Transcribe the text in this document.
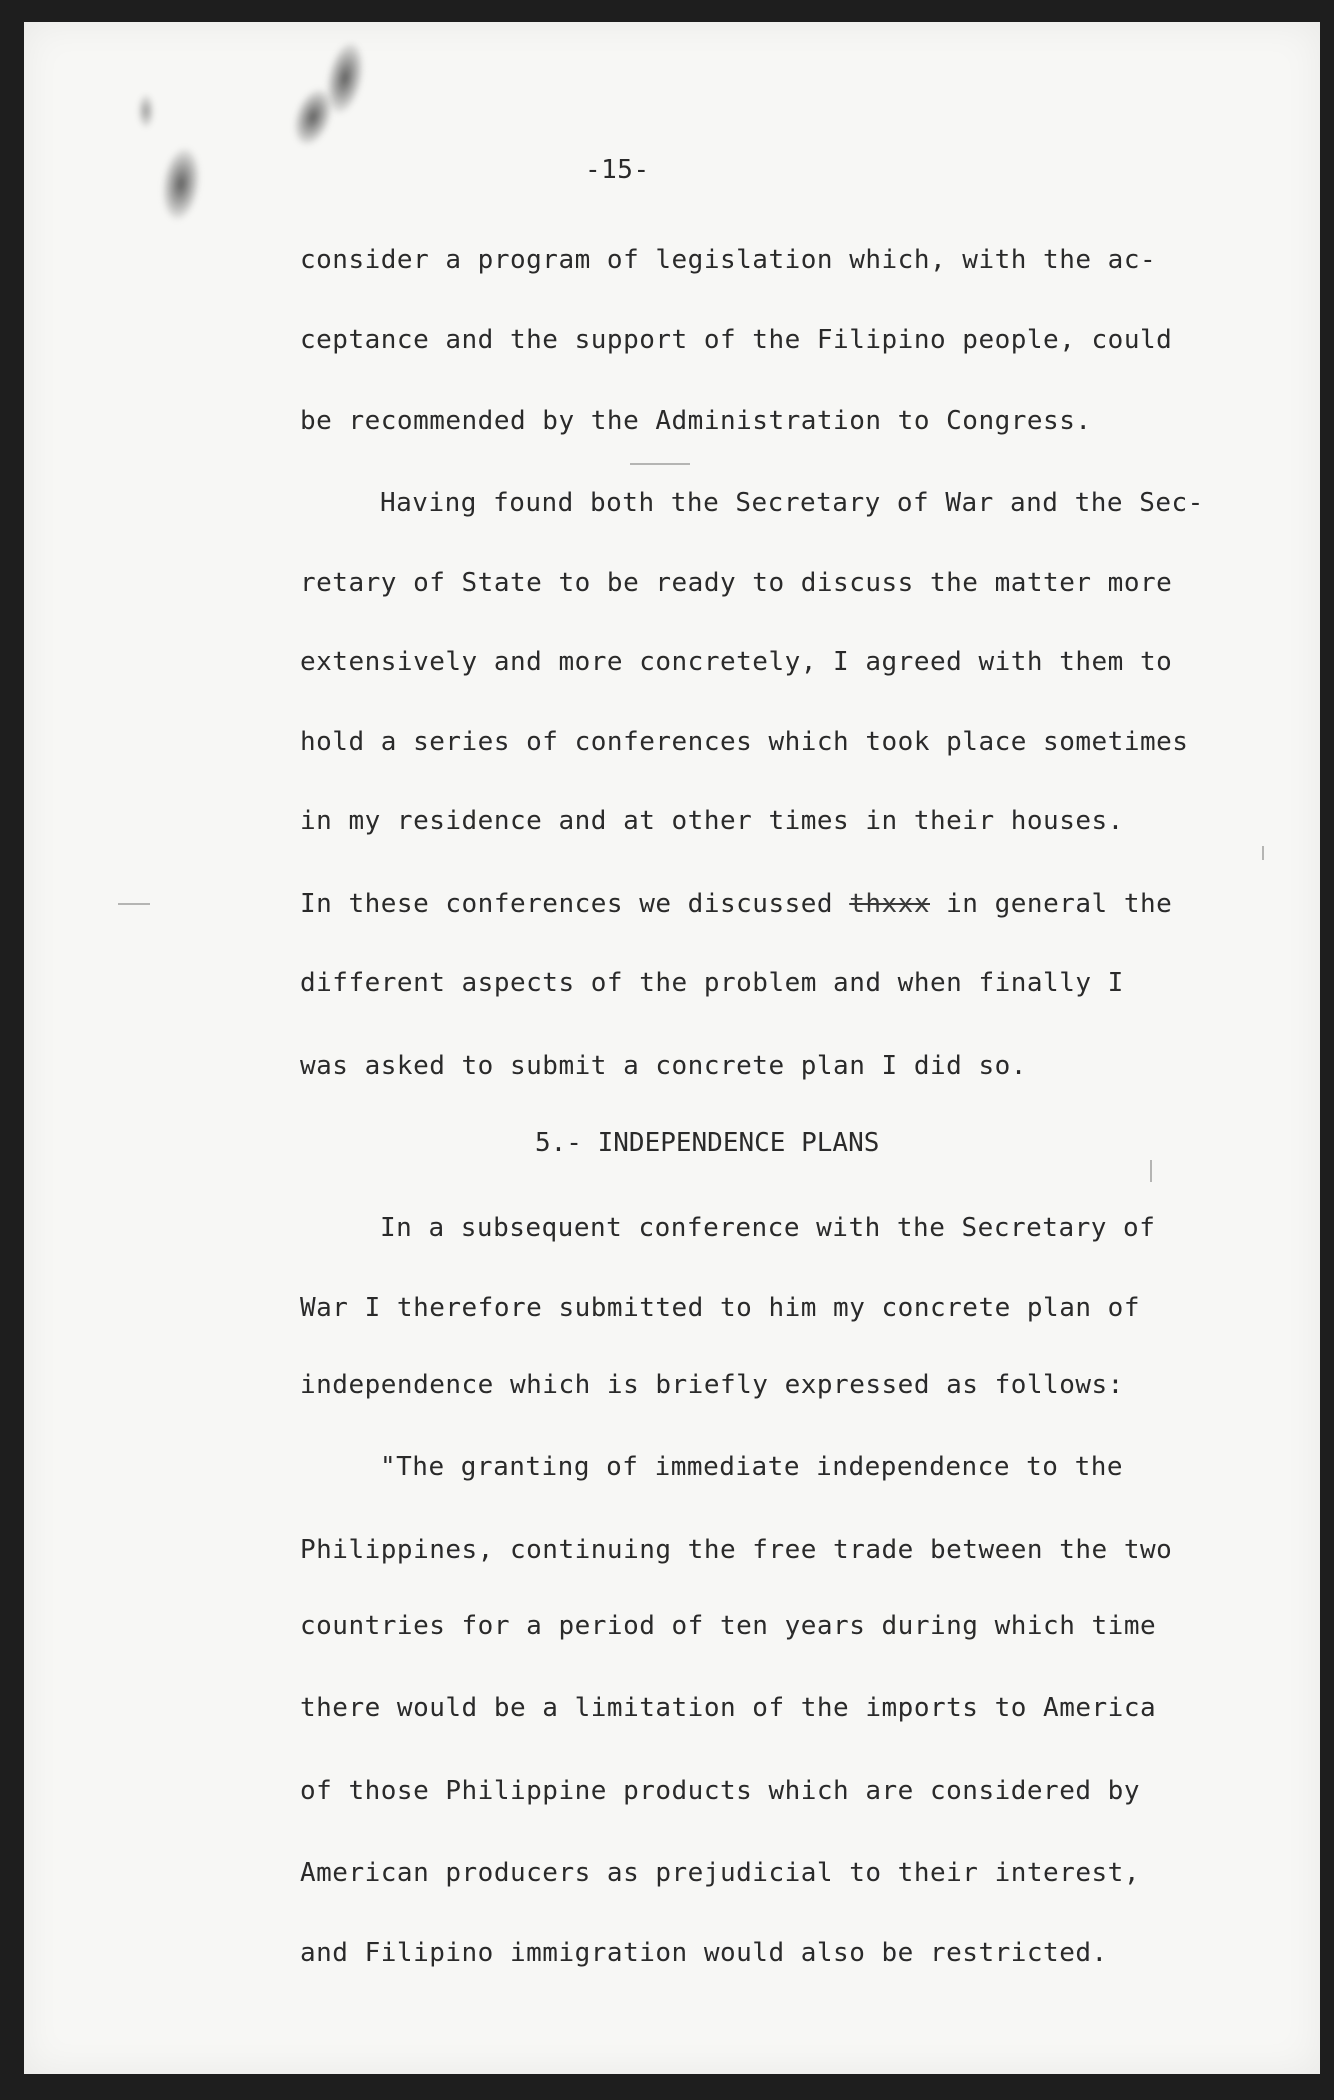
-15-
consider a program of legislation which, with the ac-
ceptance and the support of the Filipino people, could
be recommended by the Administration to Congress.
Having found both the Secretary of War and the Sec-
retary of State to be ready to discuss the matter more
extensively and more concretely, I agreed with them to
hold a series of conferences which took place sometimes
in my residence and at other times in their houses.
In these conferences we discussed thxxx in general the
different aspects of the problem and when finally I
was asked to submit a concrete plan I did so.
5.- INDEPENDENCE PLANS
In a subsequent conference with the Secretary of
War I therefore submitted to him my concrete plan of
independence which is briefly expressed as follows:
"The granting of immediate independence to the
Philippines, continuing the free trade between the two
countries for a period of ten years during which time
there would be a limitation of the imports to America
of those Philippine products which are considered by
American producers as prejudicial to their interest,
and Filipino immigration would also be restricted.
